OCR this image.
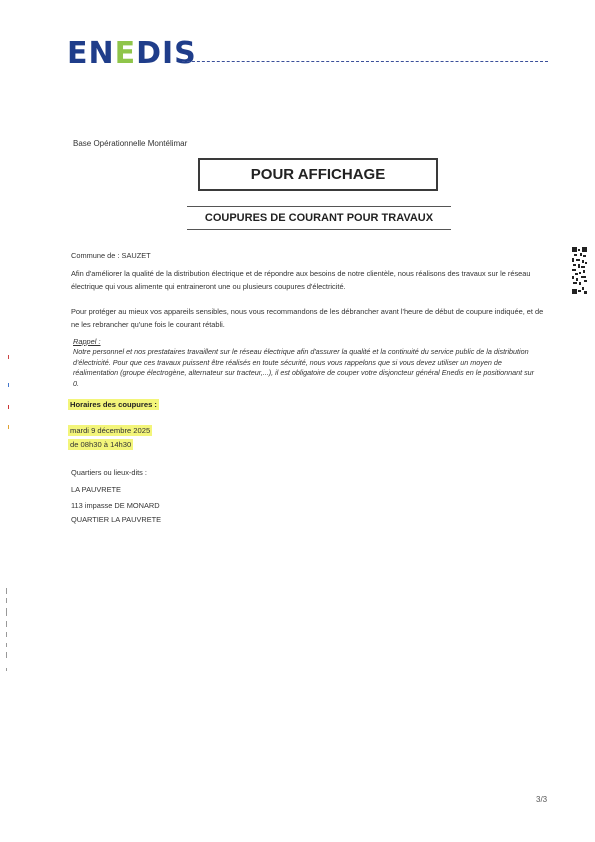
ENEDIS
Base Opérationnelle Montélimar
POUR AFFICHAGE
COUPURES DE COURANT POUR TRAVAUX
Commune de : SAUZET
Afin d'améliorer la qualité de la distribution électrique et de répondre aux besoins de notre clientèle, nous réalisons des travaux sur le réseau électrique qui vous alimente qui entraineront une ou plusieurs coupures d'électricité.
Pour protéger au mieux vos appareils sensibles, nous vous recommandons de les débrancher avant l'heure de début de coupure indiquée, et de ne les rebrancher qu'une fois le courant rétabli.
Rappel :
Notre personnel et nos prestataires travaillent sur le réseau électrique afin d'assurer la qualité et la continuité du service public de la distribution d'électricité. Pour que ces travaux puissent être réalisés en toute sécurité, nous vous rappelons que si vous devez utiliser un moyen de réalimentation (groupe électrogène, alternateur sur tracteur,...), il est obligatoire de couper votre disjoncteur général Enedis en le positionnant sur 0.
Horaires des coupures :
mardi 9 décembre 2025
de 08h30 à 14h30
Quartiers ou lieux-dits :
LA PAUVRETE
113 impasse DE MONARD
QUARTIER LA PAUVRETE
3/3
